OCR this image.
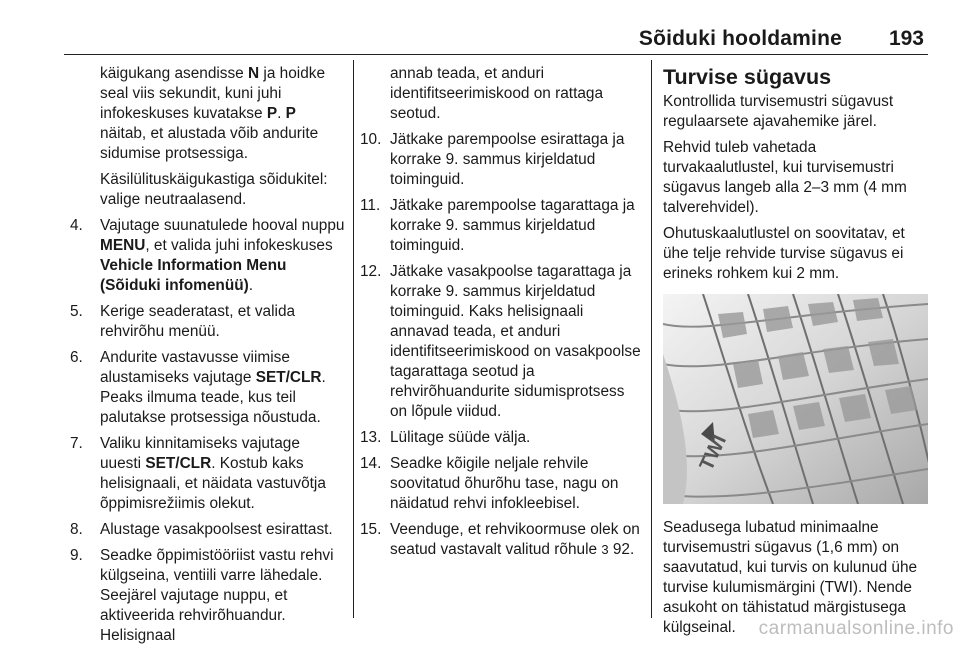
Sõiduki hooldamine 193

käigukang asendisse N ja hoidke seal viis sekundit, kuni juhi infokeskuses kuvatakse P. P näitab, et alustada võib andurite sidumise protsessiga.

Käsilülituskäigukastiga sõidukitel: valige neutraalasend.

4.	Vajutage suunatulede hooval nuppu MENU, et valida juhi infokeskuses Vehicle Information Menu (Sõiduki infomenüü).
5.	Kerige seaderatast, et valida rehvirõhu menüü.
6.	Andurite vastavusse viimise alustamiseks vajutage SET/CLR. Peaks ilmuma teade, kus teil palutakse protsessiga nõustuda.
7.	Valiku kinnitamiseks vajutage uuesti SET/CLR. Kostub kaks helisignaali, et näidata vastuvõtja õppimisrežiimis olekut.
8.	Alustage vasakpoolsest esirattast.
9.	Seadke õppimistööriist vastu rehvi külgseina, ventiili varre lähedale. Seejärel vajutage nuppu, et aktiveerida rehvirõhuandur. Helisignaal

annab teada, et anduri identifitseerimiskood on rattaga seotud.

10. Jätkake parempoolse esirattaga ja korrake 9. sammus kirjeldatud toiminguid.
11. Jätkake parempoolse tagarattaga ja korrake 9. sammus kirjeldatud toiminguid.
12. Jätkake vasakpoolse tagarattaga ja korrake 9. sammus kirjeldatud toiminguid. Kaks helisignaali annavad teada, et anduri identifitseerimiskood on vasakpoolse tagarattaga seotud ja rehvirõhuandurite sidumisprotsess on lõpule viidud.
13. Lülitage süüde välja.
14. Seadke kõigile neljale rehvile soovitatud õhurõhu tase, nagu on näidatud rehvi infokleebisel.
15. Veenduge, et rehvikoormuse olek on seatud vastavalt valitud rõhule 3 92.
Turvise sügavus

Kontrollida turvisemustri sügavust regulaarsete ajavahemike järel.

Rehvid tuleb vahetada turvakaalutlustel, kui turvisemustri sügavus langeb alla 2–3 mm (4 mm talverehvidel).

Ohutuskaalutlustel on soovitatav, et ühe telje rehvide turvise sügavus ei erineks rohkem kui 2 mm.

TWI

Seadusega lubatud minimaalne turvisemustri sügavus (1,6 mm) on saavutatud, kui turvis on kulunud ühe turvise kulumismärgini (TWI). Nende asukoht on tähistatud märgistusega külgseinal.	carmanualsonline.info
